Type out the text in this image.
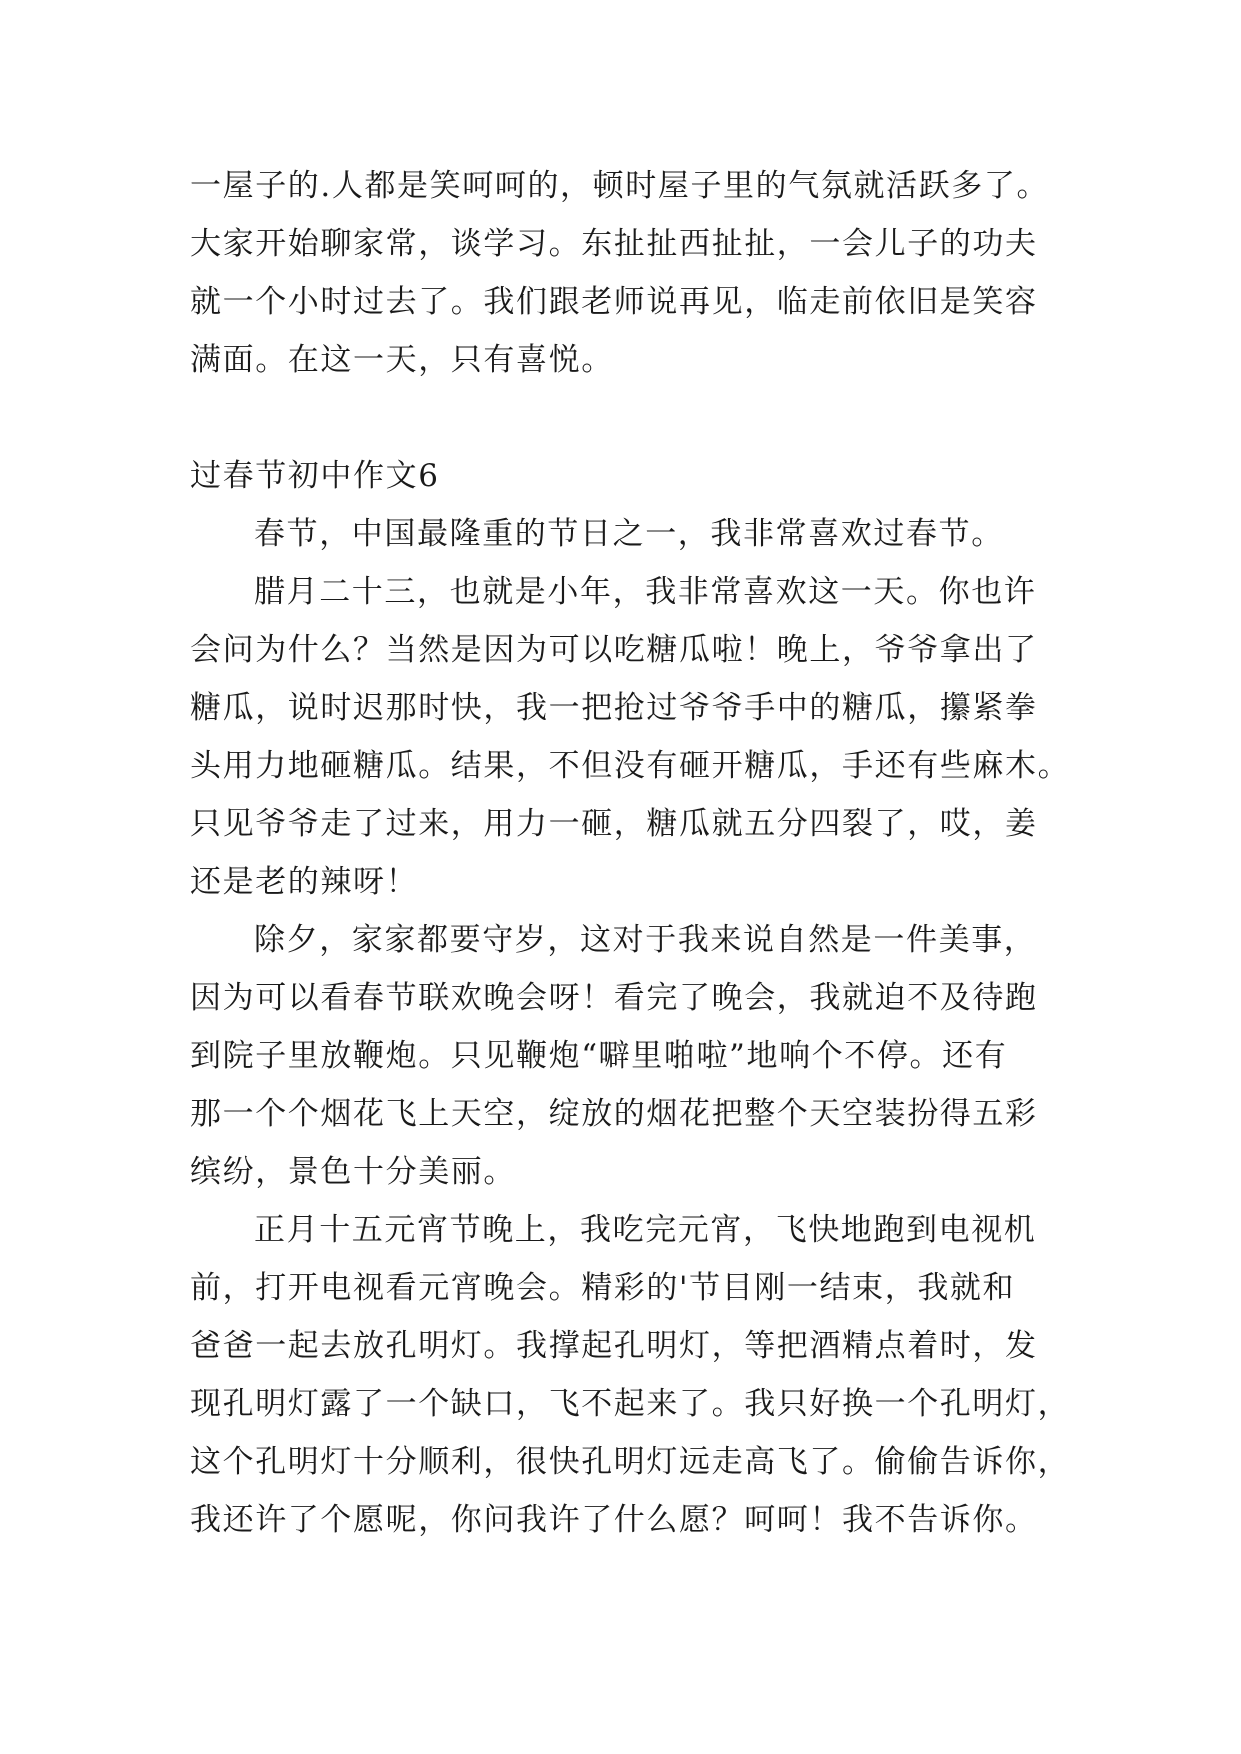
一屋子的.人都是笑呵呵的，顿时屋子里的气氛就活跃多了。
大家开始聊家常，谈学习。东扯扯西扯扯，一会儿子的功夫
就一个小时过去了。我们跟老师说再见，临走前依旧是笑容
满面。在这一天，只有喜悦。
过春节初中作文6
春节，中国最隆重的节日之一，我非常喜欢过春节。
腊月二十三，也就是小年，我非常喜欢这一天。你也许
会问为什么？当然是因为可以吃糖瓜啦！晚上，爷爷拿出了
糖瓜，说时迟那时快，我一把抢过爷爷手中的糖瓜，攥紧拳
头用力地砸糖瓜。结果，不但没有砸开糖瓜，手还有些麻木。
只见爷爷走了过来，用力一砸，糖瓜就五分四裂了，哎，姜
还是老的辣呀！
除夕，家家都要守岁，这对于我来说自然是一件美事，
因为可以看春节联欢晚会呀！看完了晚会，我就迫不及待跑
到院子里放鞭炮。只见鞭炮“噼里啪啦”地响个不停。还有
那一个个烟花飞上天空，绽放的烟花把整个天空装扮得五彩
缤纷，景色十分美丽。
正月十五元宵节晚上，我吃完元宵，飞快地跑到电视机
前，打开电视看元宵晚会。精彩的'节目刚一结束，我就和
爸爸一起去放孔明灯。我撑起孔明灯，等把酒精点着时，发
现孔明灯露了一个缺口，飞不起来了。我只好换一个孔明灯，
这个孔明灯十分顺利，很快孔明灯远走高飞了。偷偷告诉你，
我还许了个愿呢，你问我许了什么愿？呵呵！我不告诉你。
